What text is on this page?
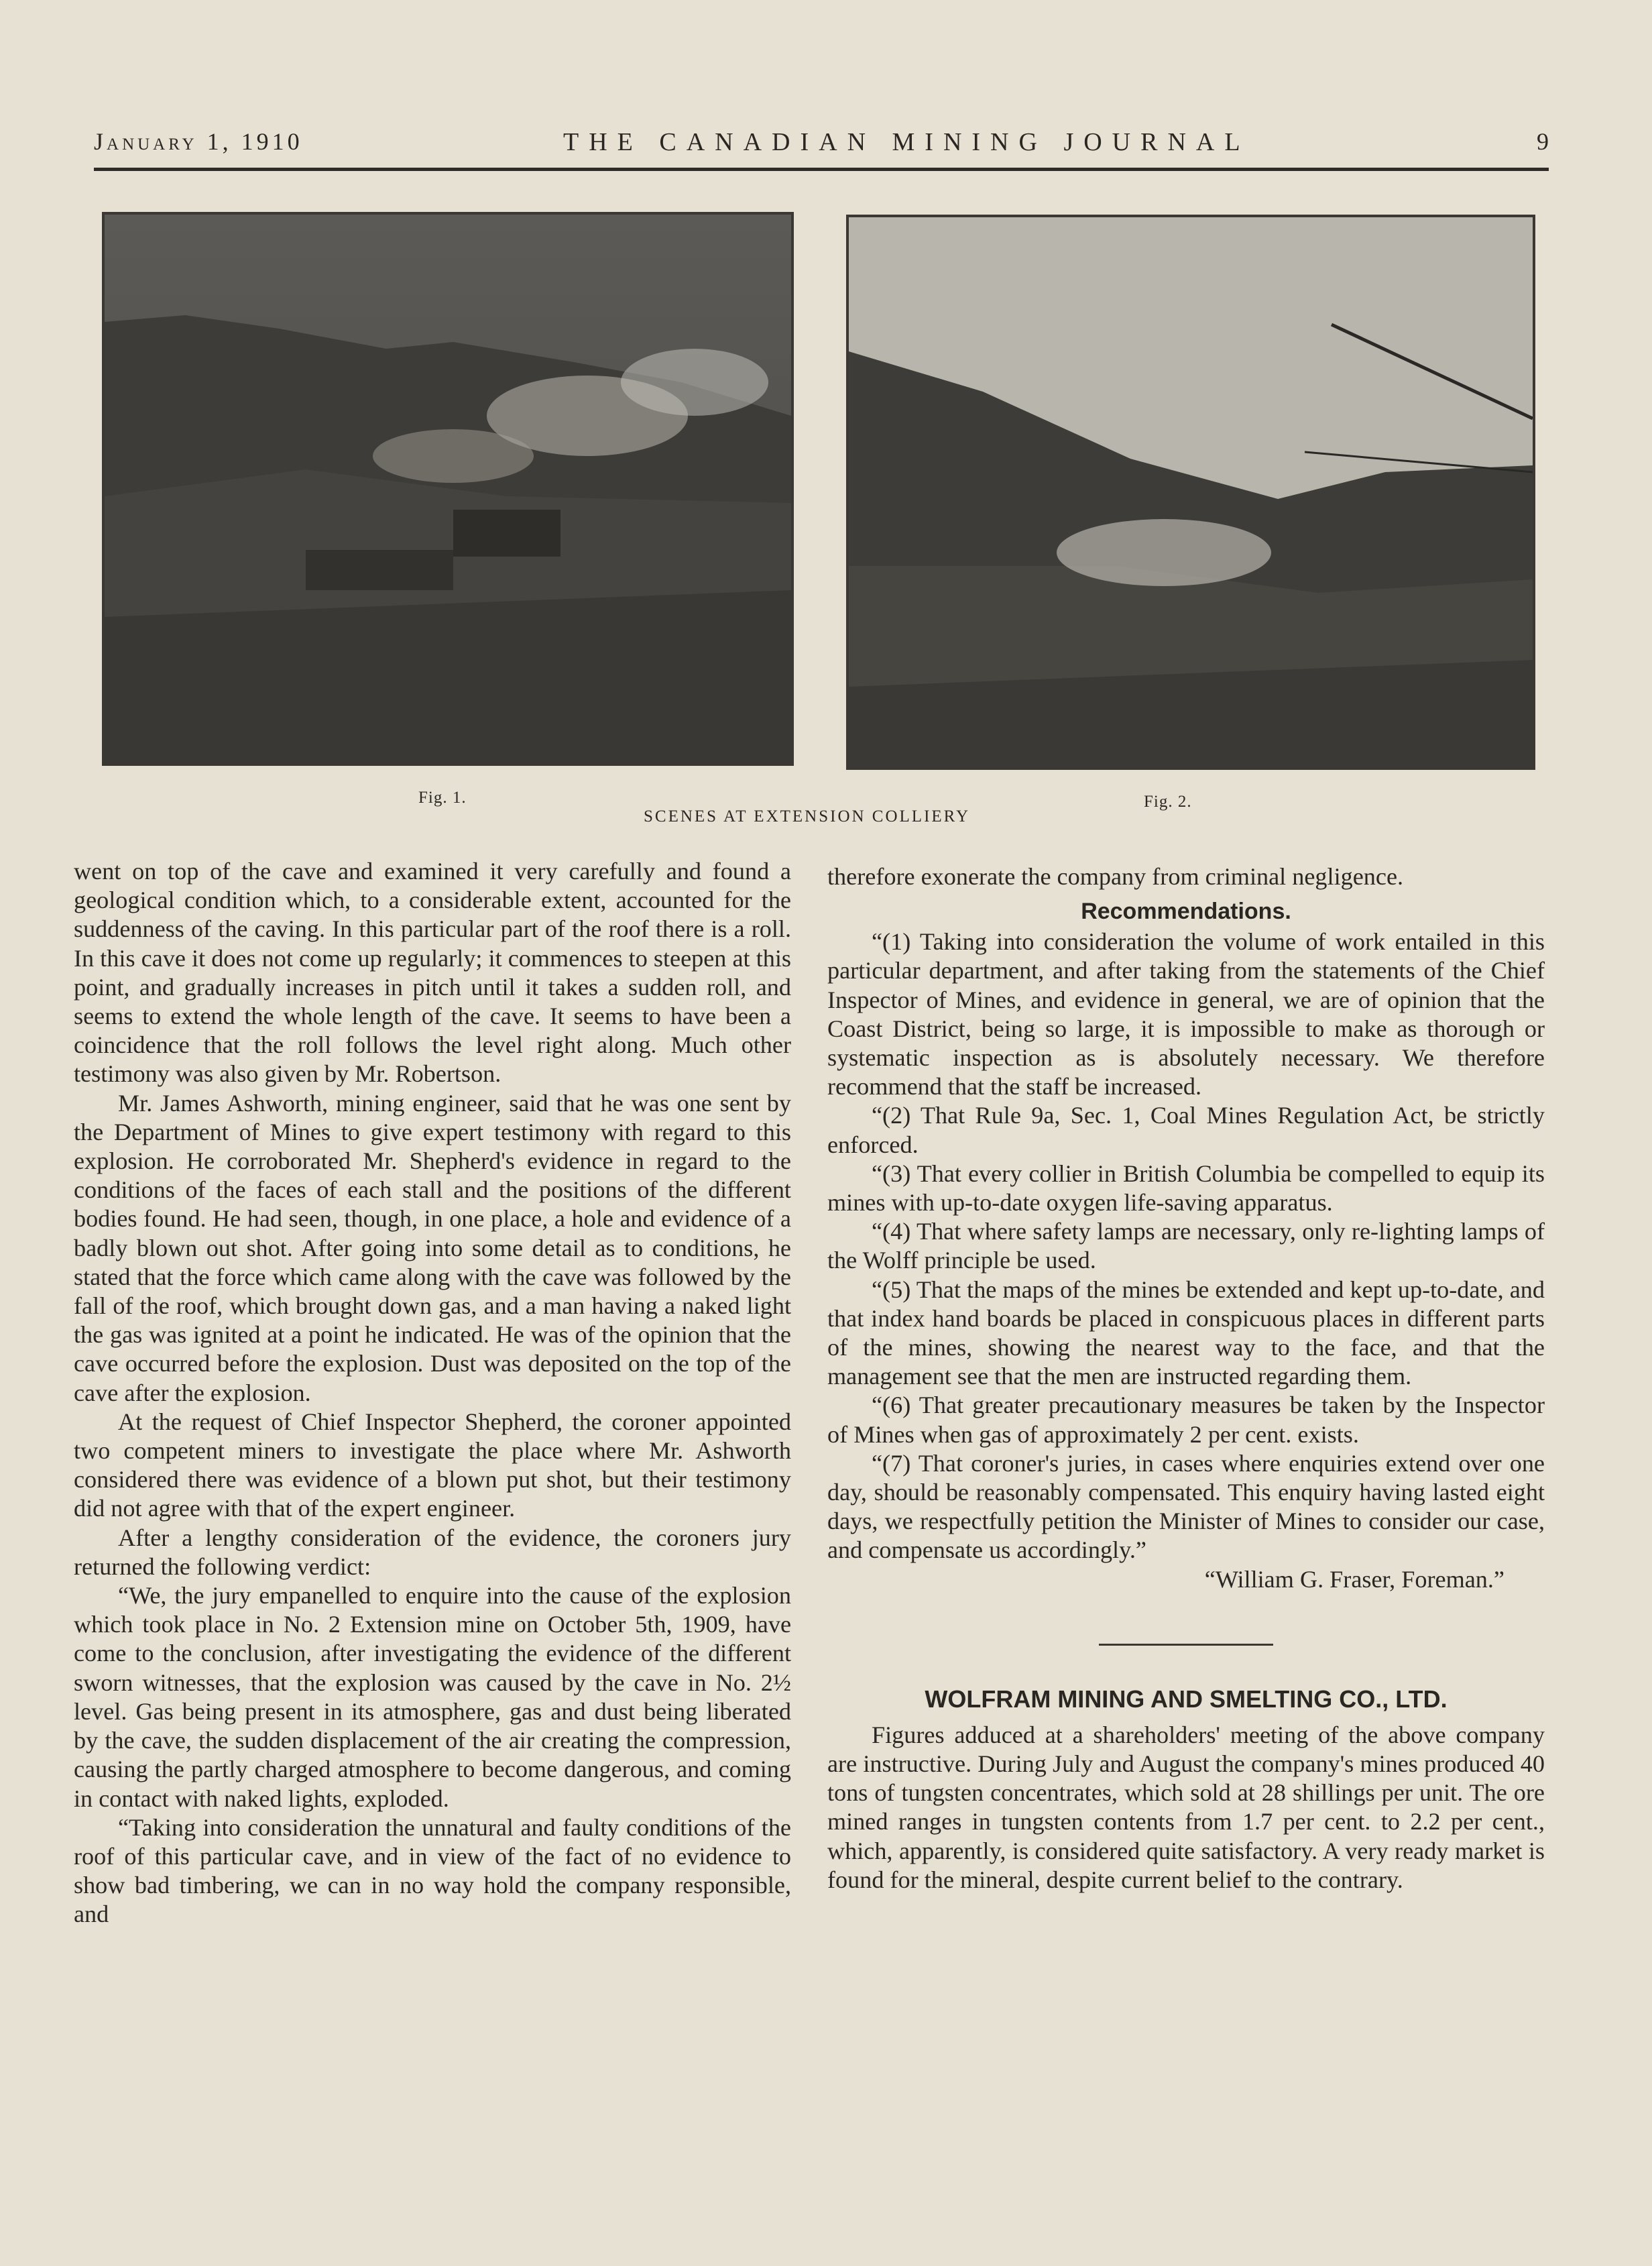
January 1, 1910	THE CANADIAN MINING JOURNAL	9
Fig. 1.	Fig. 2.
SCENES AT EXTENSION COLLIERY

went on top of the cave and examined it very carefully and found a geological condition which, to a considerable extent, accounted for the suddenness of the caving. In this particular part of the roof there is a roll. In this cave it does not come up regularly; it commences to steepen at this point, and gradually increases in pitch until it takes a sudden roll, and seems to extend the whole length of the cave. It seems to have been a coincidence that the roll follows the level right along. Much other testimony was also given by Mr. Robertson.

Mr. James Ashworth, mining engineer, said that he was one sent by the Department of Mines to give expert testimony with regard to this explosion. He corroborated Mr. Shepherd's evidence in regard to the conditions of the faces of each stall and the positions of the different bodies found. He had seen, though, in one place, a hole and evidence of a badly blown out shot. After going into some detail as to conditions, he stated that the force which came along with the cave was followed by the fall of the roof, which brought down gas, and a man having a naked light the gas was ignited at a point he indicated. He was of the opinion that the cave occurred before the explosion. Dust was deposited on the top of the cave after the explosion.

At the request of Chief Inspector Shepherd, the coroner appointed two competent miners to investigate the place where Mr. Ashworth considered there was evidence of a blown put shot, but their testimony did not agree with that of the expert engineer.

After a lengthy consideration of the evidence, the coroners jury returned the following verdict:

“We, the jury empanelled to enquire into the cause of the explosion which took place in No. 2 Extension mine on October 5th, 1909, have come to the conclusion, after investigating the evidence of the different sworn witnesses, that the explosion was caused by the cave in No. 2½ level. Gas being present in its atmosphere, gas and dust being liberated by the cave, the sudden displacement of the air creating the compression, causing the partly charged atmosphere to become dangerous, and coming in contact with naked lights, exploded.

“Taking into consideration the unnatural and faulty conditions of the roof of this particular cave, and in view of the fact of no evidence to show bad timbering, we can in no way hold the company responsible, and

therefore exonerate the company from criminal negligence.

Recommendations.

“(1) Taking into consideration the volume of work entailed in this particular department, and after taking from the statements of the Chief Inspector of Mines, and evidence in general, we are of opinion that the Coast District, being so large, it is impossible to make as thorough or systematic inspection as is absolutely necessary. We therefore recommend that the staff be increased.

“(2) That Rule 9a, Sec. 1, Coal Mines Regulation Act, be strictly enforced.

“(3) That every collier in British Columbia be compelled to equip its mines with up-to-date oxygen life-saving apparatus.

“(4) That where safety lamps are necessary, only re-lighting lamps of the Wolff principle be used.

“(5) That the maps of the mines be extended and kept up-to-date, and that index hand boards be placed in conspicuous places in different parts of the mines, showing the nearest way to the face, and that the management see that the men are instructed regarding them.

“(6) That greater precautionary measures be taken by the Inspector of Mines when gas of approximately 2 per cent. exists.

“(7) That coroner's juries, in cases where enquiries extend over one day, should be reasonably compensated. This enquiry having lasted eight days, we respectfully petition the Minister of Mines to consider our case, and compensate us accordingly.”

“William G. Fraser, Foreman.”

WOLFRAM MINING AND SMELTING CO., LTD.

Figures adduced at a shareholders' meeting of the above company are instructive. During July and August the company's mines produced 40 tons of tungsten concentrates, which sold at 28 shillings per unit. The ore mined ranges in tungsten contents from 1.7 per cent. to 2.2 per cent., which, apparently, is considered quite satisfactory. A very ready market is found for the mineral, despite current belief to the contrary.
